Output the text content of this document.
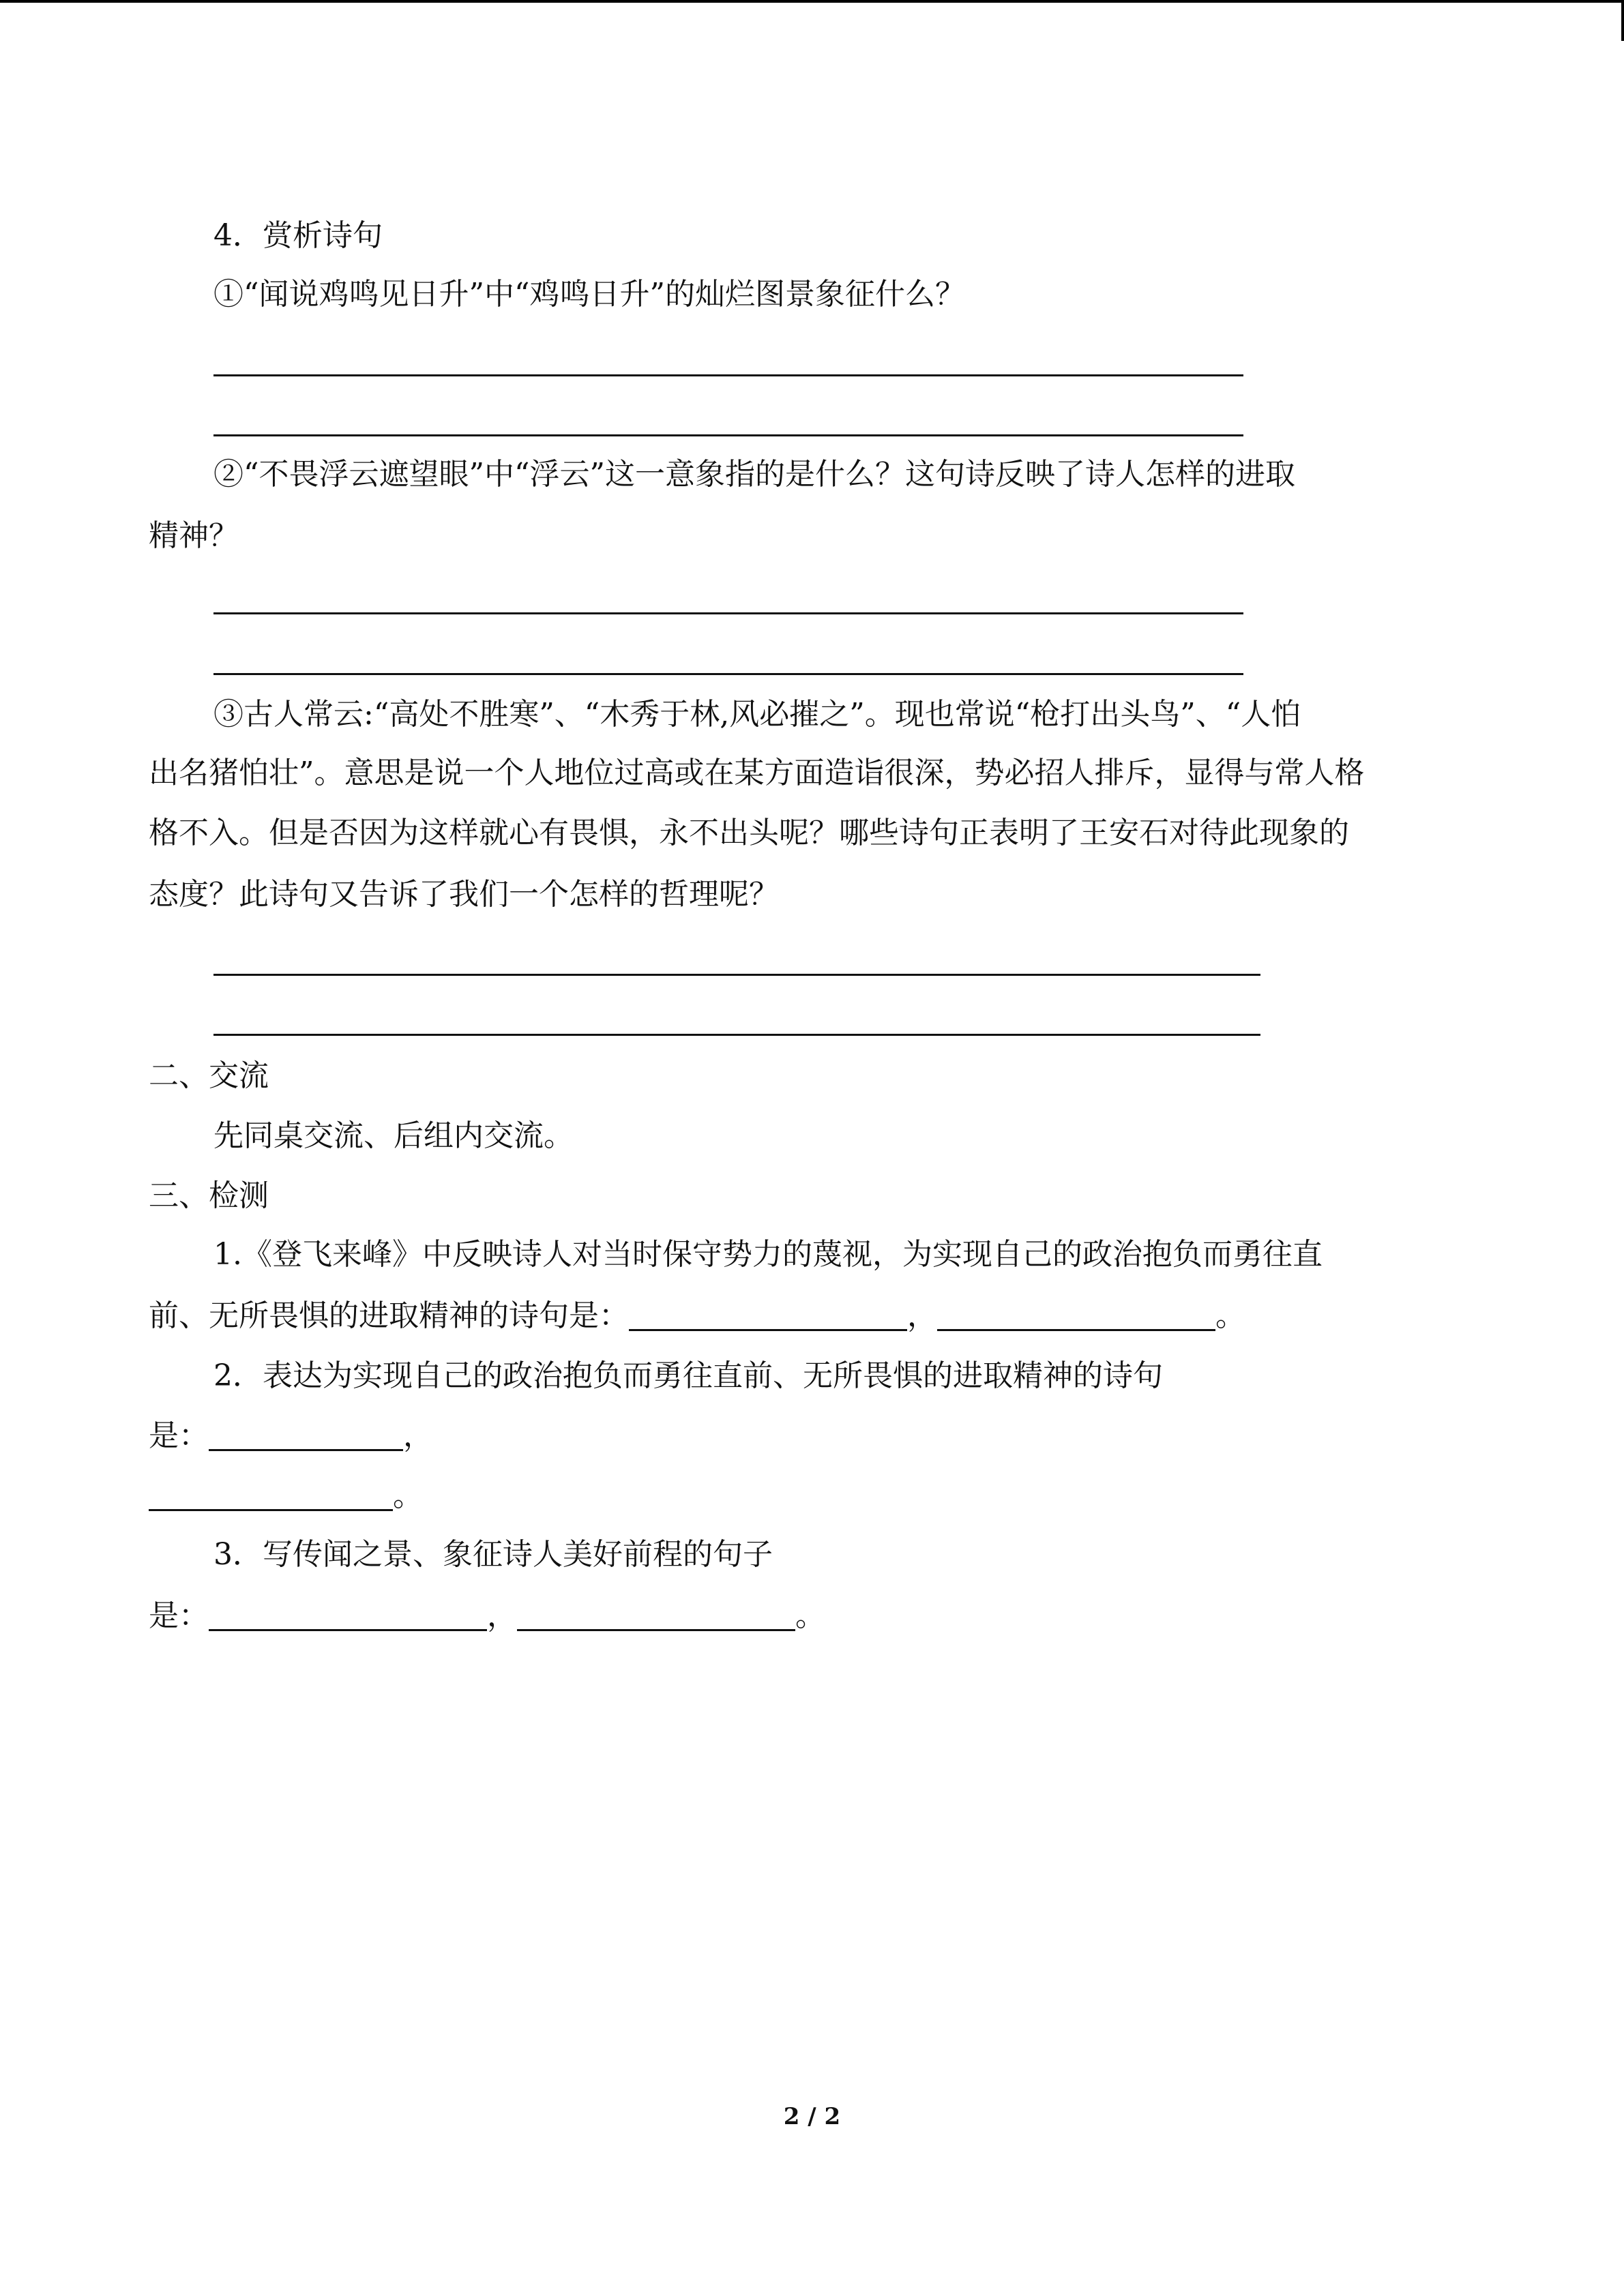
4．赏析诗句

①“闻说鸡鸣见日升”中“鸡鸣日升”的灿烂图景象征什么？

②“不畏浮云遮望眼”中“浮云”这一意象指的是什么？这句诗反映了诗人怎样的进取

精神？

③古人常云:“高处不胜寒”、“木秀于林,风必摧之”。现也常说“枪打出头鸟”、“人怕

出名猪怕壮”。意思是说一个人地位过高或在某方面造诣很深，势必招人排斥，显得与常人格

格不入。但是否因为这样就心有畏惧，永不出头呢？哪些诗句正表明了王安石对待此现象的

态度？此诗句又告诉了我们一个怎样的哲理呢？

二、交流

先同桌交流、后组内交流。

三、检测

1.《登飞来峰》中反映诗人对当时保守势力的蔑视，为实现自己的政治抱负而勇往直

前、无所畏惧的进取精神的诗句是：	，	。

2．表达为实现自己的政治抱负而勇往直前、无所畏惧的进取精神的诗句

是：	，

。

3．写传闻之景、象征诗人美好前程的句子

是：	，	。

2 / 2
